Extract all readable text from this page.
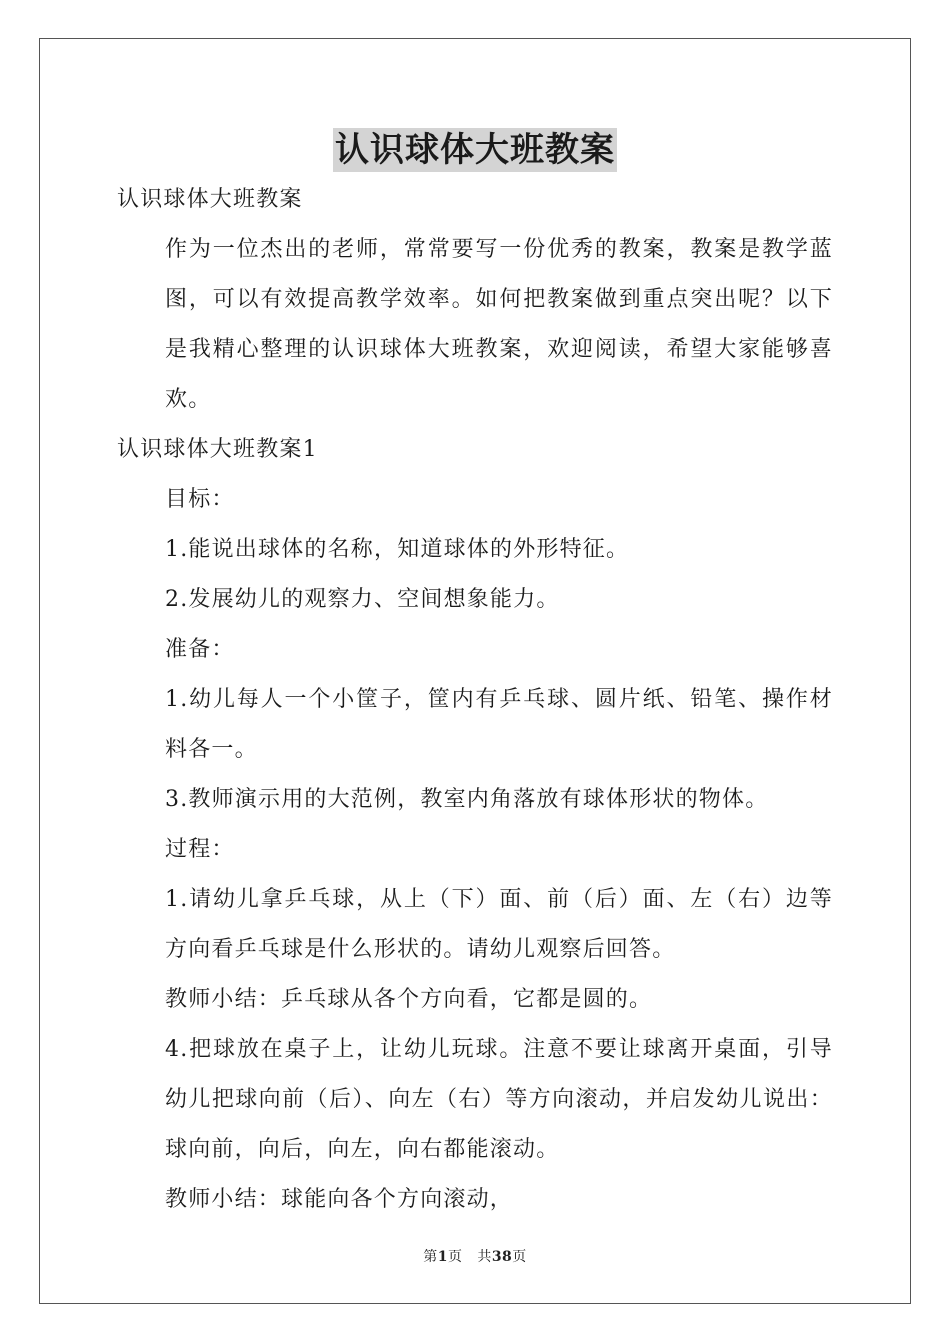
认识球体大班教案

认识球体大班教案

作为一位杰出的老师，常常要写一份优秀的教案，教案是教学蓝图，可以有效提高教学效率。如何把教案做到重点突出呢？以下是我精心整理的认识球体大班教案，欢迎阅读，希望大家能够喜欢。

认识球体大班教案1

目标：

1.能说出球体的名称，知道球体的外形特征。

2.发展幼儿的观察力、空间想象能力。

准备：

1.幼儿每人一个小筐子，筐内有乒乓球、圆片纸、铅笔、操作材料各一。

3.教师演示用的大范例，教室内角落放有球体形状的物体。

过程：

1.请幼儿拿乒乓球，从上（下）面、前（后）面、左（右）边等方向看乒乓球是什么形状的。请幼儿观察后回答。

教师小结：乒乓球从各个方向看，它都是圆的。

4.把球放在桌子上，让幼儿玩球。注意不要让球离开桌面，引导幼儿把球向前（后）、向左（右）等方向滚动，并启发幼儿说出：球向前，向后，向左，向右都能滚动。

教师小结：球能向各个方向滚动，

第1页 共38页
